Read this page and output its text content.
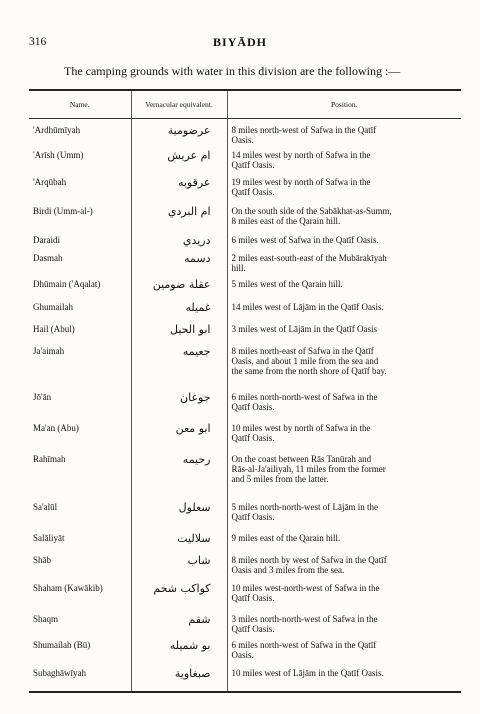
316	BIYĀDH
The camping grounds with water in this division are the following :—
Name.	Vernacular equivalent.	Position.
'Ardhūmīyah	عرضومية	8 miles north-west of Safwa in the Qatīf
Oasis.

'Arīsh (Umm)	ام عريش	14 miles west by north of Safwa in the
Qatīf Oasis.

'Arqūbah	عرقوبه	19 miles west by north of Safwa in the
Qatīf Oasis.

Birdi (Umm-al-)	ام البردي	On the south side of the Sabākhat-as-Summ,
8 miles east of the Qarain hill.

Daraidi	دريدي	6 miles west of Safwa in the Qatīf Oasis.

Dasmah	دسمه	2 miles east-south-east of the Mubārakīyah
hill.

Dhūmain ('Aqalat)	عقلة ضومين	5 miles west of the Qarain hill.

Ghumailah	غميله	14 miles west of Lājām in the Qatīf Oasis.

Hail (Abul)	ابو الحيل	3 miles west of Lājām in the Qatīf Oasis

Ja'aimah	جعيمه	8 miles north-east of Safwa in the Qatīf
Oasis, and about 1 mile from the sea and
the same from the north shore of Qatīf bay.

Jō'ān	جوعان	6 miles north-north-west of Safwa in the
Qatīf Oasis.

Ma'an (Abu)	ابو معن	10 miles west by north of Safwa in the
Qatīf Oasis.

Rahīmah	رحيمه	On the coast between Rās Tanūrah and
Rās-al-Ja'ailiyah, 11 miles from the former
and 5 miles from the latter.

Sa'alūl	سعلول	5 miles north-north-west of Lājām in the
Qatīf Oasis.

Salāliyāt	سلاليت	9 miles east of the Qarain hill.

Shāb	شاب	8 miles north by west of Safwa in the Qatīf
Oasis and 3 miles from the sea.

Shaham (Kawākib)	كواكب شحم	10 miles west-north-west of Safwa in the
Qatīf Oasis.

Shaqm	شقم	3 miles north-north-west of Safwa in the
Qatīf Oasis.

Shumailah (Bū)	بو شميله	6 miles north-west of Safwa in the Qatīf
Oasis.

Subaghāwīyah	صبغاوية	10 miles west of Lājām in the Qatīf Oasis.
